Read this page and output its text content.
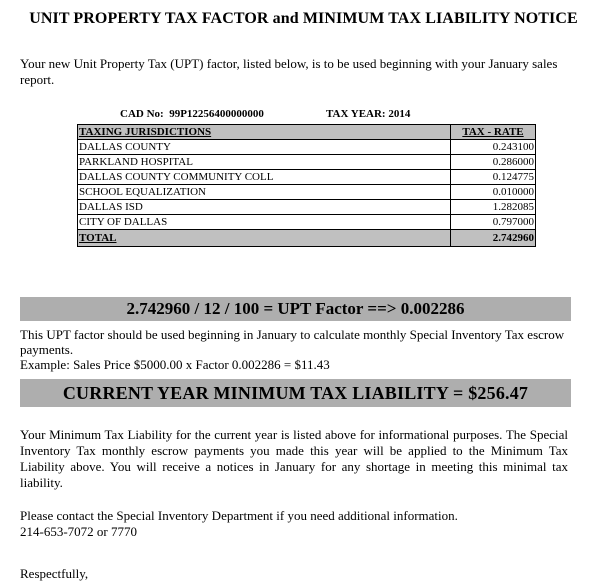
UNIT PROPERTY TAX FACTOR and MINIMUM TAX LIABILITY NOTICE
Your new Unit Property Tax (UPT) factor, listed below, is to be used beginning with your January sales report.
CAD No: 99P12256400000000	TAX YEAR: 2014
TAXING JURISDICTIONS	TAX - RATE
DALLAS COUNTY	0.243100
PARKLAND HOSPITAL	0.286000
DALLAS COUNTY COMMUNITY COLL	0.124775
SCHOOL EQUALIZATION	0.010000
DALLAS ISD	1.282085
CITY OF DALLAS	0.797000
TOTAL	2.742960
2.742960 / 12 / 100 = UPT Factor ==> 0.002286
This UPT factor should be used beginning in January to calculate monthly Special Inventory Tax escrow payments.
Example: Sales Price $5000.00 x Factor 0.002286 = $11.43
CURRENT YEAR MINIMUM TAX LIABILITY = $256.47
Your Minimum Tax Liability for the current year is listed above for informational purposes. The Special Inventory Tax monthly escrow payments you made this year will be applied to the Minimum Tax Liability above. You will receive a notices in January for any shortage in meeting this minimal tax liability.
Please contact the Special Inventory Department if you need additional information.
214-653-7072 or 7770
Respectfully,
